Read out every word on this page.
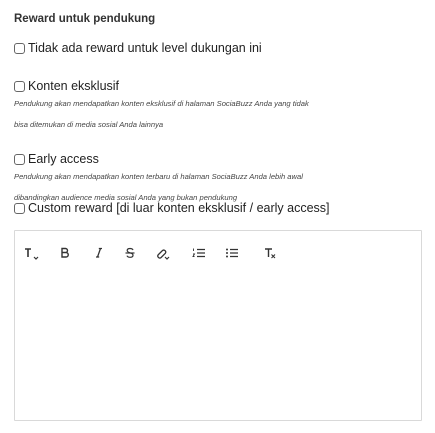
Reward untuk pendukung
Tidak ada reward untuk level dukungan ini
Konten eksklusif
Pendukung akan mendapatkan konten eksklusif di halaman SociaBuzz Anda yang tidak
bisa ditemukan di media sosial Anda lainnya
Early access
Pendukung akan mendapatkan konten terbaru di halaman SociaBuzz Anda lebih awal
dibandingkan audience media sosial Anda yang bukan pendukung
Custom reward [di luar konten eksklusif / early access]
